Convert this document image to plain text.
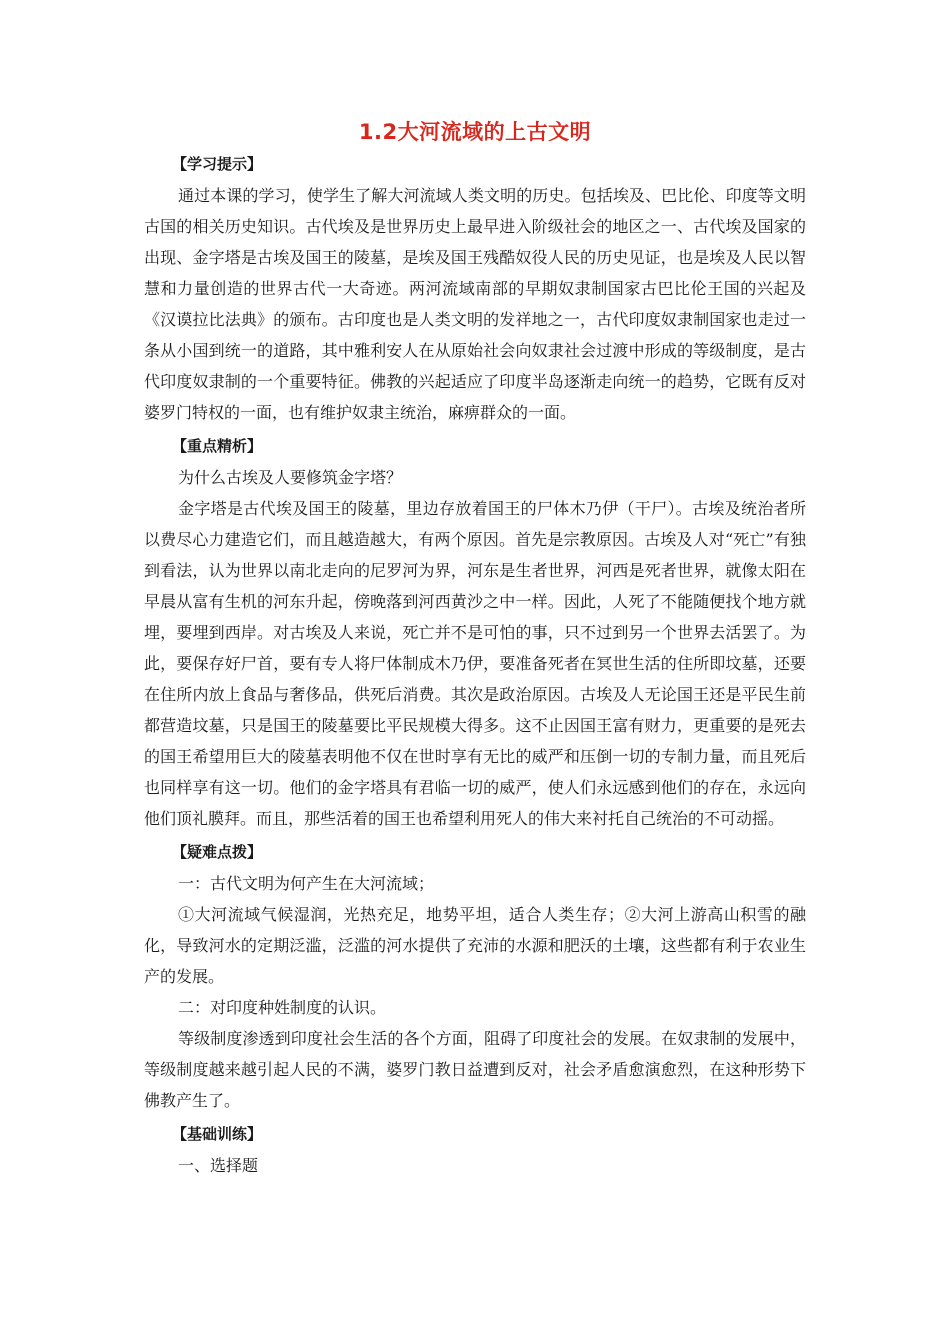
1.2大河流域的上古文明
【学习提示】

通过本课的学习，使学生了解大河流域人类文明的历史。包括埃及、巴比伦、印度等文明古国的相关历史知识。古代埃及是世界历史上最早进入阶级社会的地区之一、古代埃及国家的出现、金字塔是古埃及国王的陵墓，是埃及国王残酷奴役人民的历史见证，也是埃及人民以智慧和力量创造的世界古代一大奇迹。两河流域南部的早期奴隶制国家古巴比伦王国的兴起及《汉谟拉比法典》的颁布。古印度也是人类文明的发祥地之一，古代印度奴隶制国家也走过一条从小国到统一的道路，其中雅利安人在从原始社会向奴隶社会过渡中形成的等级制度，是古代印度奴隶制的一个重要特征。佛教的兴起适应了印度半岛逐渐走向统一的趋势，它既有反对婆罗门特权的一面，也有维护奴隶主统治，麻痹群众的一面。

【重点精析】

为什么古埃及人要修筑金字塔？

金字塔是古代埃及国王的陵墓，里边存放着国王的尸体木乃伊（干尸）。古埃及统治者所以费尽心力建造它们，而且越造越大，有两个原因。首先是宗教原因。古埃及人对“死亡”有独到看法，认为世界以南北走向的尼罗河为界，河东是生者世界，河西是死者世界，就像太阳在早晨从富有生机的河东升起，傍晚落到河西黄沙之中一样。因此，人死了不能随便找个地方就埋，要埋到西岸。对古埃及人来说，死亡并不是可怕的事，只不过到另一个世界去活罢了。为此，要保存好尸首，要有专人将尸体制成木乃伊，要准备死者在冥世生活的住所即坟墓，还要在住所内放上食品与奢侈品，供死后消费。其次是政治原因。古埃及人无论国王还是平民生前都营造坟墓，只是国王的陵墓要比平民规模大得多。这不止因国王富有财力，更重要的是死去的国王希望用巨大的陵墓表明他不仅在世时享有无比的威严和压倒一切的专制力量，而且死后也同样享有这一切。他们的金字塔具有君临一切的威严，使人们永远感到他们的存在，永远向他们顶礼膜拜。而且，那些活着的国王也希望利用死人的伟大来衬托自己统治的不可动摇。

【疑难点拨】

一：古代文明为何产生在大河流域；

①大河流域气候湿润，光热充足，地势平坦，适合人类生存；②大河上游高山积雪的融化，导致河水的定期泛滥，泛滥的河水提供了充沛的水源和肥沃的土壤，这些都有利于农业生产的发展。

二：对印度种姓制度的认识。

等级制度渗透到印度社会生活的各个方面，阻碍了印度社会的发展。在奴隶制的发展中，等级制度越来越引起人民的不满，婆罗门教日益遭到反对，社会矛盾愈演愈烈，在这种形势下佛教产生了。

【基础训练】

一、选择题
